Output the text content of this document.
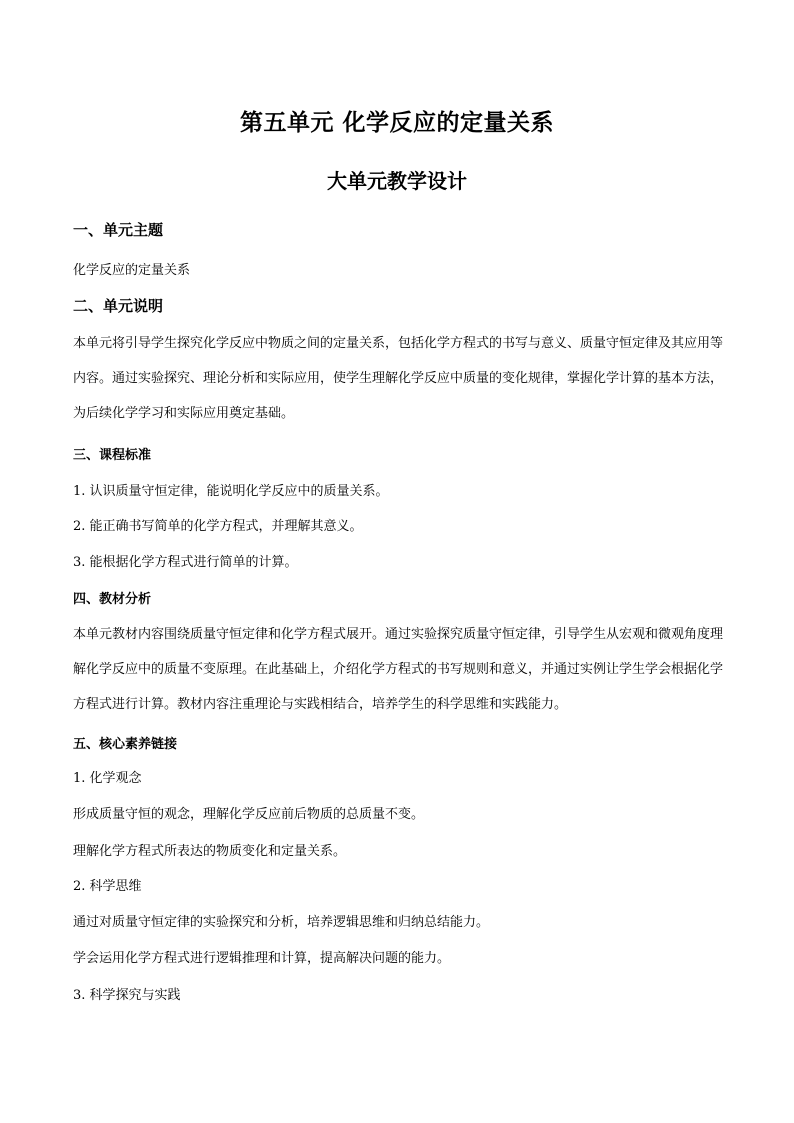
第五单元 化学反应的定量关系
大单元教学设计
一、单元主题
化学反应的定量关系
二、单元说明
本单元将引导学生探究化学反应中物质之间的定量关系，包括化学方程式的书写与意义、质量守恒定律及其应用等内容。通过实验探究、理论分析和实际应用，使学生理解化学反应中质量的变化规律，掌握化学计算的基本方法，为后续化学学习和实际应用奠定基础。
三、课程标准
1. 认识质量守恒定律，能说明化学反应中的质量关系。
2. 能正确书写简单的化学方程式，并理解其意义。
3. 能根据化学方程式进行简单的计算。
四、教材分析
本单元教材内容围绕质量守恒定律和化学方程式展开。通过实验探究质量守恒定律，引导学生从宏观和微观角度理解化学反应中的质量不变原理。在此基础上，介绍化学方程式的书写规则和意义，并通过实例让学生学会根据化学方程式进行计算。教材内容注重理论与实践相结合，培养学生的科学思维和实践能力。
五、核心素养链接
1. 化学观念
形成质量守恒的观念，理解化学反应前后物质的总质量不变。
理解化学方程式所表达的物质变化和定量关系。
2. 科学思维
通过对质量守恒定律的实验探究和分析，培养逻辑思维和归纳总结能力。
学会运用化学方程式进行逻辑推理和计算，提高解决问题的能力。
3. 科学探究与实践
